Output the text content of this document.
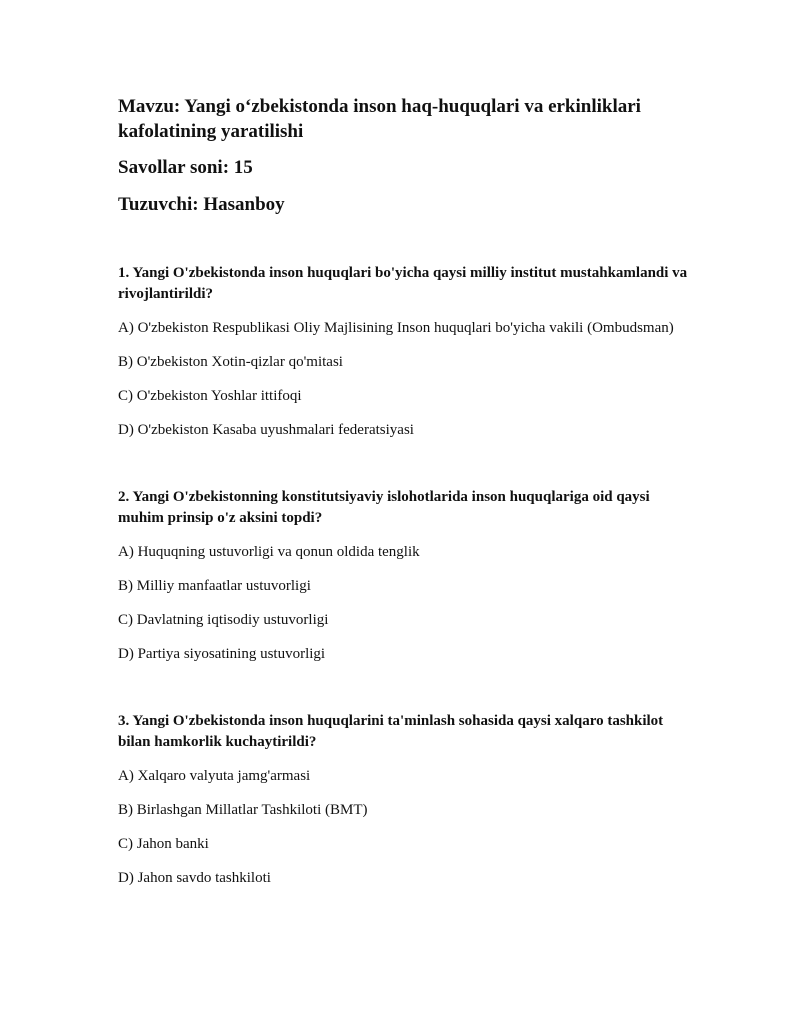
Mavzu: Yangi o‘zbekistonda inson haq-huquqlari va erkinliklari kafolatining yaratilishi

Savollar soni: 15

Tuzuvchi: Hasanboy

1. Yangi O'zbekistonda inson huquqlari bo'yicha qaysi milliy institut mustahkamlandi va rivojlantirildi?

A) O'zbekiston Respublikasi Oliy Majlisining Inson huquqlari bo'yicha vakili (Ombudsman)

B) O'zbekiston Xotin-qizlar qo'mitasi

C) O'zbekiston Yoshlar ittifoqi

D) O'zbekiston Kasaba uyushmalari federatsiyasi

2. Yangi O'zbekistonning konstitutsiyaviy islohotlarida inson huquqlariga oid qaysi muhim prinsip o'z aksini topdi?

A) Huquqning ustuvorligi va qonun oldida tenglik

B) Milliy manfaatlar ustuvorligi

C) Davlatning iqtisodiy ustuvorligi

D) Partiya siyosatining ustuvorligi

3. Yangi O'zbekistonda inson huquqlarini ta'minlash sohasida qaysi xalqaro tashkilot bilan hamkorlik kuchaytirildi?

A) Xalqaro valyuta jamg'armasi

B) Birlashgan Millatlar Tashkiloti (BMT)

C) Jahon banki

D) Jahon savdo tashkiloti
